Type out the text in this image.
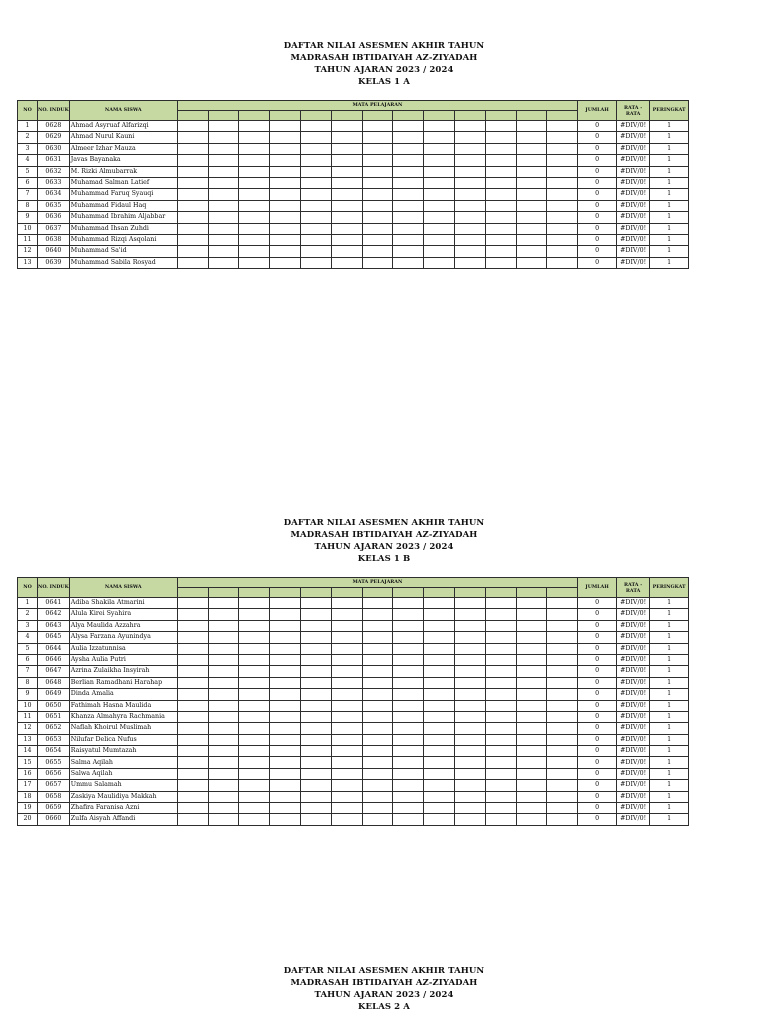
DAFTAR NILAI ASESMEN AKHIR TAHUN
MADRASAH IBTIDAIYAH AZ-ZIYADAH
TAHUN AJARAN 2023 / 2024
KELAS 1 A
NO	NO. INDUK	NAMA SISWA	MATA PELAJARAN													JUMLAH	RATA - RATA	PERINGKAT

1	0628	Ahmad Asyruaf Alfarizqi														0	#DIV/0!	1
2	0629	Ahmad Nurul Kauni														0	#DIV/0!	1
3	0630	Almeer Izhar Mauza														0	#DIV/0!	1
4	0631	Javas Bayanaka														0	#DIV/0!	1
5	0632	M. Rizki Almubarrak														0	#DIV/0!	1
6	0633	Muhamad Salman Latief														0	#DIV/0!	1
7	0634	Muhammad Faruq Syauqi														0	#DIV/0!	1
8	0635	Muhammad Fidaul Haq														0	#DIV/0!	1
9	0636	Muhammad Ibrahim Aljabbar														0	#DIV/0!	1
10	0637	Muhammad Ihsan Zuhdi														0	#DIV/0!	1
11	0638	Muhammad Rizqi Asqolani														0	#DIV/0!	1
12	0640	Muhammad Sa'id														0	#DIV/0!	1
13	0639	Muhammad Sabila Rosyad														0	#DIV/0!	1
DAFTAR NILAI ASESMEN AKHIR TAHUN
MADRASAH IBTIDAIYAH AZ-ZIYADAH
TAHUN AJARAN 2023 / 2024
KELAS 1 B
NO	NO. INDUK	NAMA SISWA	MATA PELAJARAN													JUMLAH	RATA - RATA	PERINGKAT

1	0641	Adiba Shakila Atmarini														0	#DIV/0!	1
2	0642	Alula Kirei Syahira														0	#DIV/0!	1
3	0643	Alya Maulida Azzahra														0	#DIV/0!	1
4	0645	Alysa Farzana Ayunindya														0	#DIV/0!	1
5	0644	Aulia Izzatunnisa														0	#DIV/0!	1
6	0646	Aysha Aulia Putri														0	#DIV/0!	1
7	0647	Azrina Zulaikha Insyirah														0	#DIV/0!	1
8	0648	Berlian Ramadhani Harahap														0	#DIV/0!	1
9	0649	Dinda Amalia														0	#DIV/0!	1
10	0650	Fathimah Hasna Maulida														0	#DIV/0!	1
11	0651	Khanza Almahyra Rachmania														0	#DIV/0!	1
12	0652	Naflah Khoirul Muslimah														0	#DIV/0!	1
13	0653	Nilufar Delica Nufus														0	#DIV/0!	1
14	0654	Raisyatul Mumtazah														0	#DIV/0!	1
15	0655	Salma Aqilah														0	#DIV/0!	1
16	0656	Salwa Aqilah														0	#DIV/0!	1
17	0657	Ummu Salamah														0	#DIV/0!	1
18	0658	Zaskiya Maulidiya Makkah														0	#DIV/0!	1
19	0659	Zhafira Faranisa Azni														0	#DIV/0!	1
20	0660	Zulfa Aisyah Affandi														0	#DIV/0!	1
DAFTAR NILAI ASESMEN AKHIR TAHUN
MADRASAH IBTIDAIYAH AZ-ZIYADAH
TAHUN AJARAN 2023 / 2024
KELAS 2 A
